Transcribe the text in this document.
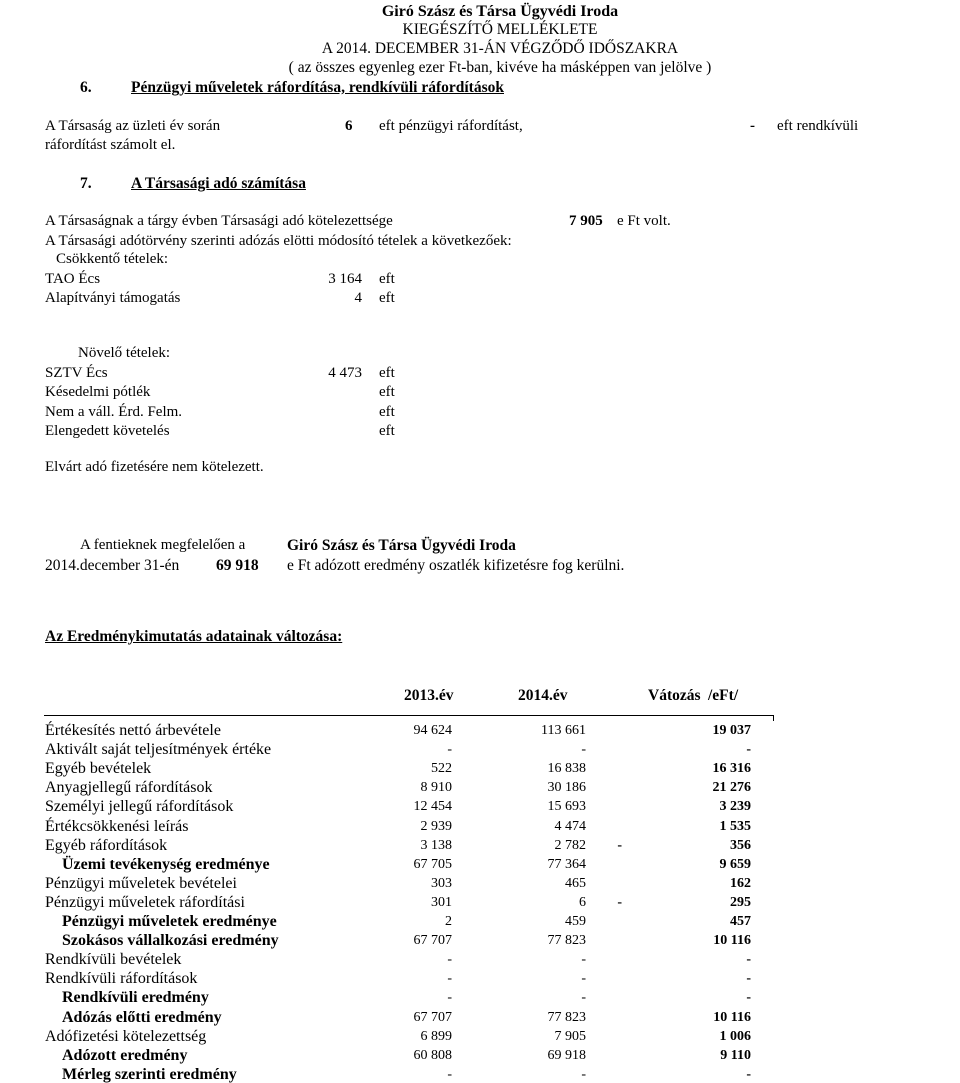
Giró Szász és Társa Ügyvédi Iroda
KIEGÉSZÍTŐ MELLÉKLETE
A 2014. DECEMBER 31-ÁN VÉGZŐDŐ IDŐSZAKRA
( az összes egyenleg ezer Ft-ban, kivéve ha másképpen van jelölve )
6.	Pénzügyi műveletek ráfordítása, rendkívüli ráfordítások
A Társaság az üzleti év során	6 eft pénzügyi ráfordítást,	- eft rendkívüli
ráfordítást számolt el.
7.	A Társasági adó számítása
A Társaságnak a tárgy évben Társasági adó kötelezettsége	7 905 e Ft volt.
A Társasági adótörvény szerinti adózás elötti módosító tételek a következőek:
Csökkentő tételek:
TAO Écs	3 164 eft
Alapítványi támogatás	4 eft
Növelő tételek:
SZTV Écs	4 473 eft
Késedelmi pótlék	eft
Nem a váll. Érd. Felm.	eft
Elengedett követelés	eft
Elvárt adó fizetésére nem kötelezett.
A fentieknek megfelelően a	Giró Szász és Társa Ügyvédi Iroda
2014.december 31-én 69 918 e Ft adózott eredmény oszatlék kifizetésre fog kerülni.
Az Eredménykimutatás adatainak változása:
2013.év	2014.év	Vátozás /eFt/
Értékesítés nettó árbevétele	94 624	113 661	19 037
Aktivált saját teljesítmények értéke	-	-	-
Egyéb bevételek	522	16 838	16 316
Anyagjellegű ráfordítások	8 910	30 186	21 276
Személyi jellegű ráfordítások	12 454	15 693	3 239
Értékcsökkenési leírás	2 939	4 474	1 535
Egyéb ráfordítások	3 138	2 782	-	356
Üzemi tevékenység eredménye	67 705	77 364	9 659
Pénzügyi műveletek bevételei	303	465	162
Pénzügyi műveletek ráfordítási	301	6	-	295
Pénzügyi műveletek eredménye	2	459	457
Szokásos vállalkozási eredmény	67 707	77 823	10 116
Rendkívüli bevételek	-	-	-
Rendkívüli ráfordítások	-	-	-
Rendkívüli eredmény	-	-	-
Adózás előtti eredmény	67 707	77 823	10 116
Adófizetési kötelezettség	6 899	7 905	1 006
Adózott eredmény	60 808	69 918	9 110
Mérleg szerinti eredmény	-	-	-
